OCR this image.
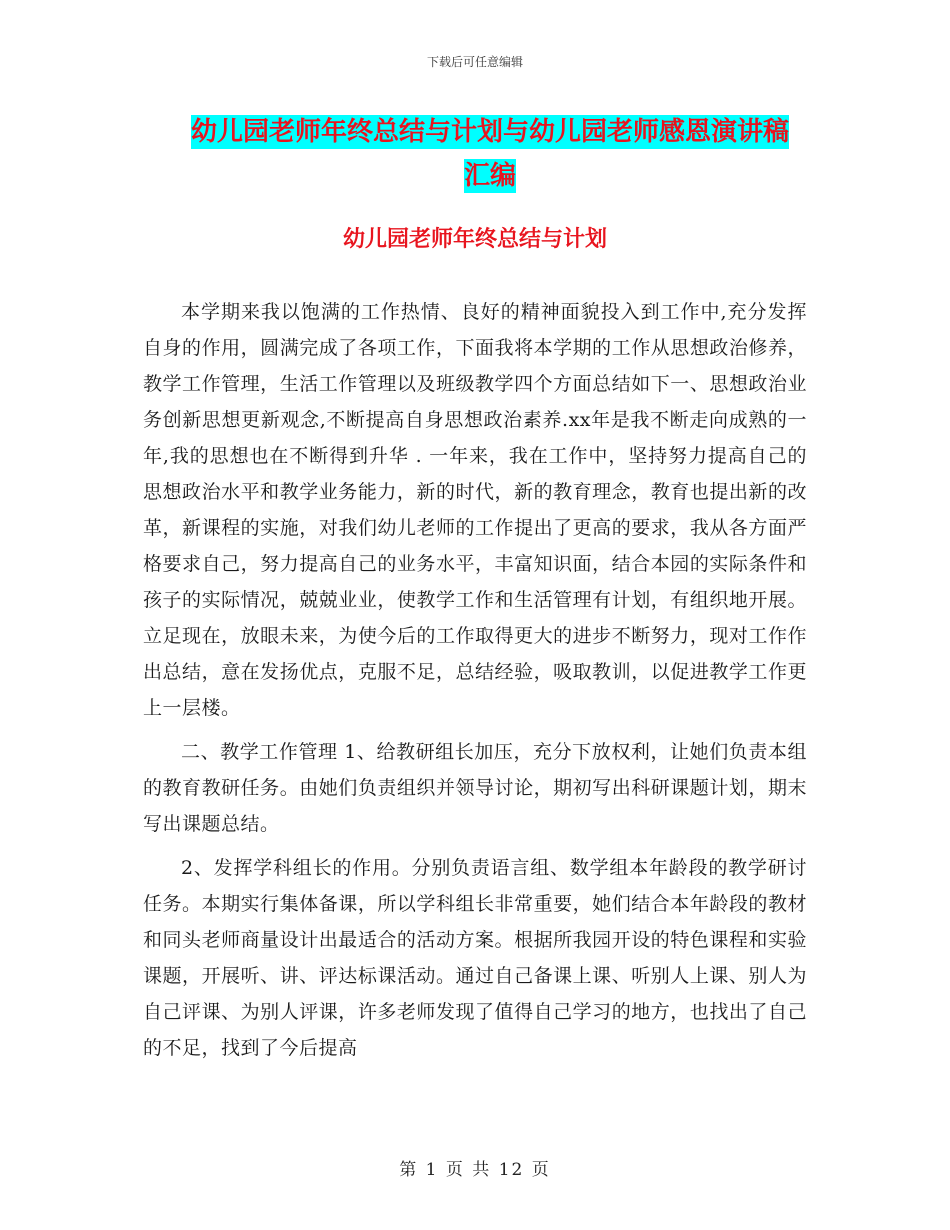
下载后可任意编辑
幼儿园老师年终总结与计划与幼儿园老师感恩演讲稿
汇编
幼儿园老师年终总结与计划

本学期来我以饱满的工作热情、良好的精神面貌投入到工作中,充分发挥自身的作用，圆满完成了各项工作，下面我将本学期的工作从思想政治修养，教学工作管理，生活工作管理以及班级教学四个方面总结如下一、思想政治业务创新思想更新观念,不断提高自身思想政治素养.xx年是我不断走向成熟的一年,我的思想也在不断得到升华 . 一年来，我在工作中，坚持努力提高自己的思想政治水平和教学业务能力，新的时代，新的教育理念，教育也提出新的改革，新课程的实施，对我们幼儿老师的工作提出了更高的要求，我从各方面严格要求自己，努力提高自己的业务水平，丰富知识面，结合本园的实际条件和孩子的实际情况，兢兢业业，使教学工作和生活管理有计划，有组织地开展。立足现在，放眼未来，为使今后的工作取得更大的进步不断努力，现对工作作出总结，意在发扬优点，克服不足，总结经验，吸取教训，以促进教学工作更上一层楼。

二、教学工作管理 1、给教研组长加压，充分下放权利，让她们负责本组的教育教研任务。由她们负责组织并领导讨论，期初写出科研课题计划，期末写出课题总结。

2、发挥学科组长的作用。分别负责语言组、数学组本年龄段的教学研讨任务。本期实行集体备课，所以学科组长非常重要，她们结合本年龄段的教材和同头老师商量设计出最适合的活动方案。根据所我园开设的特色课程和实验课题，开展听、讲、评达标课活动。通过自己备课上课、听别人上课、别人为自己评课、为别人评课，许多老师发现了值得自己学习的地方，也找出了自己的不足，找到了今后提高

第 1 页 共 12 页
